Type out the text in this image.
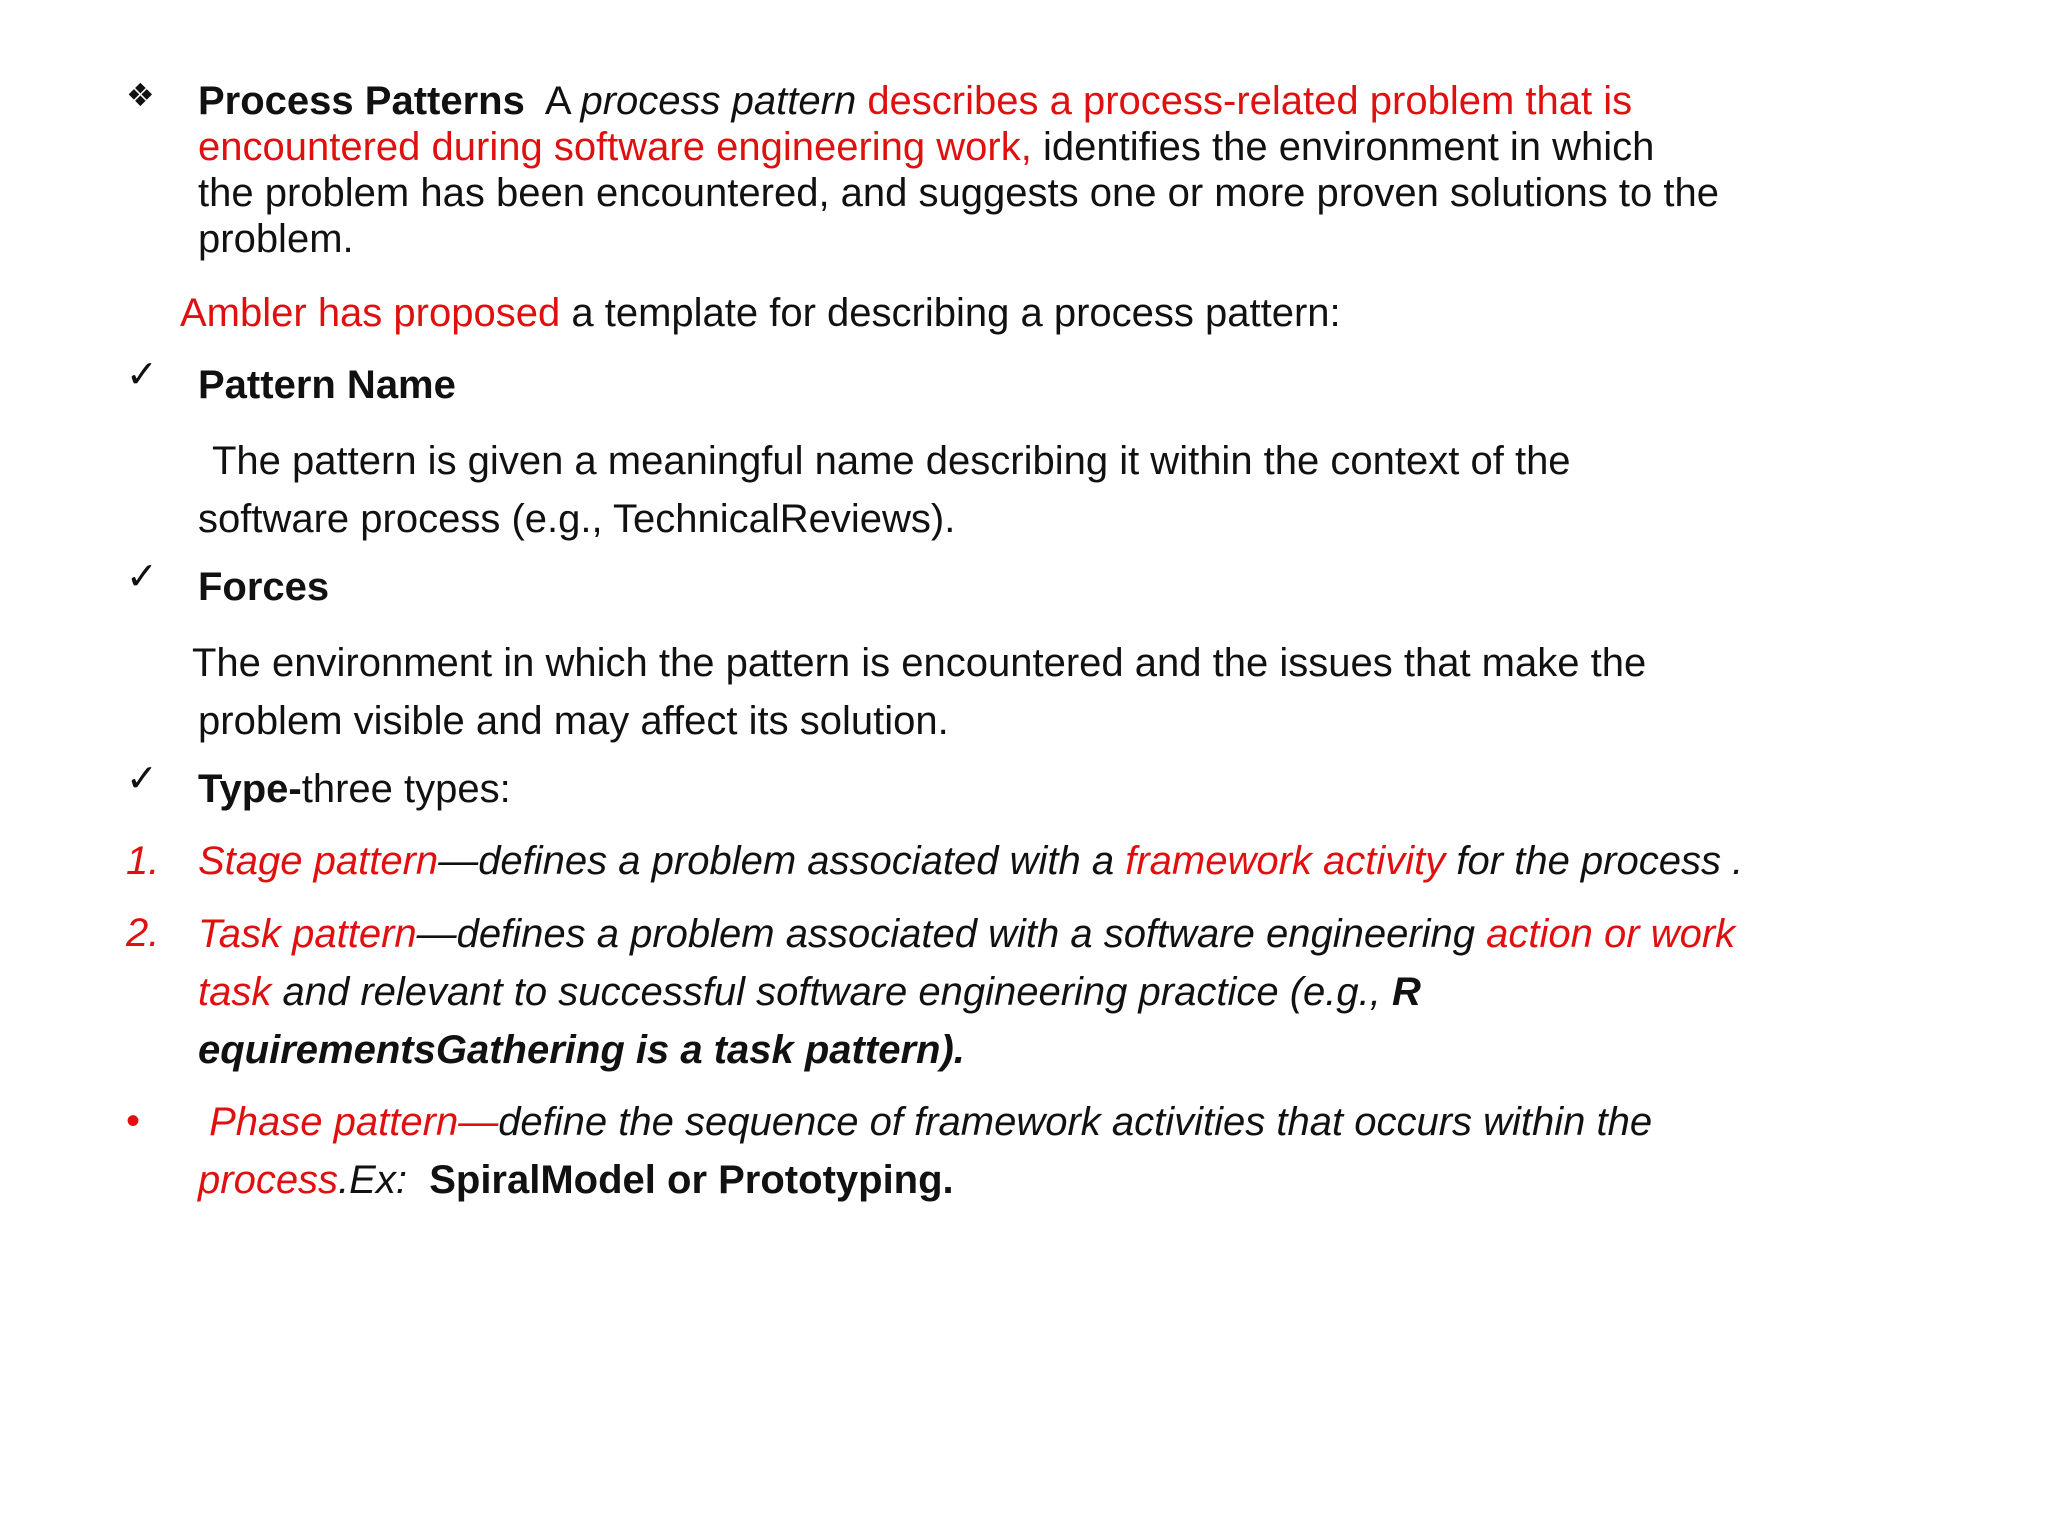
❖ Process Patterns A process pattern describes a process-related problem that is
encountered during software engineering work, identifies the environment in which
the problem has been encountered, and suggests one or more proven solutions to the
problem.
Ambler has proposed a template for describing a process pattern:
✓ Pattern Name
The pattern is given a meaningful name describing it within the context of the
software process (e.g., TechnicalReviews).
✓ Forces
The environment in which the pattern is encountered and the issues that make the
problem visible and may affect its solution.
✓ Type-three types:
1. Stage pattern—defines a problem associated with a framework activity for the process .
2. Task pattern—defines a problem associated with a software engineering action or work
task and relevant to successful software engineering practice (e.g., R
equirementsGathering is a task pattern).
• Phase pattern—define the sequence of framework activities that occurs within the
process.Ex: SpiralModel or Prototyping.
